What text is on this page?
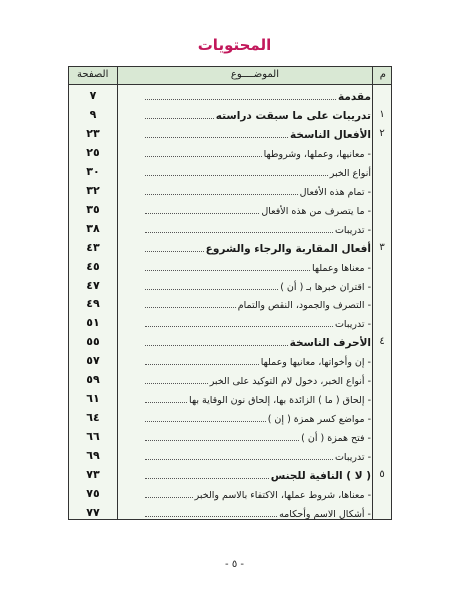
المحتويات
م
الموضــــوع
الصفحة
مقدمة
٧
١
تدريبات على ما سبقت دراسته
٩
٢
الأفعال الناسخة
٢٣
- معانيها، وعملها، وشروطها
٢٥
أنواع الخبر
٣٠
- تمام هذه الأفعال
٣٢
- ما يتصرف من هذه الأفعال
٣٥
- تدريبات
٣٨
٣
أفعال المقاربة والرجاء والشروع
٤٣
- معناها وعملها
٤٥
- اقتران خبرها بـ ( أن )
٤٧
- التصرف والجمود، النقص والتمام
٤٩
- تدريبات
٥١
٤
الأحرف الناسخة
٥٥
- إن وأخواتها، معانيها وعملها
٥٧
- أنواع الخبر، دخول لام التوكيد على الخبر
٥٩
- إلحاق ( ما ) الزائدة بها، إلحاق نون الوقاية بها
٦١
- مواضع كسر همزة ( إن )
٦٤
- فتح همزة ( أن )
٦٦
- تدريبات
٦٩
٥
( لا ) النافية للجنس
٧٣
- معناها، شروط عملها، الاكتفاء بالاسم والخبر
٧٥
- أشكال الاسم وأحكامه
٧٧
- ٥ -
